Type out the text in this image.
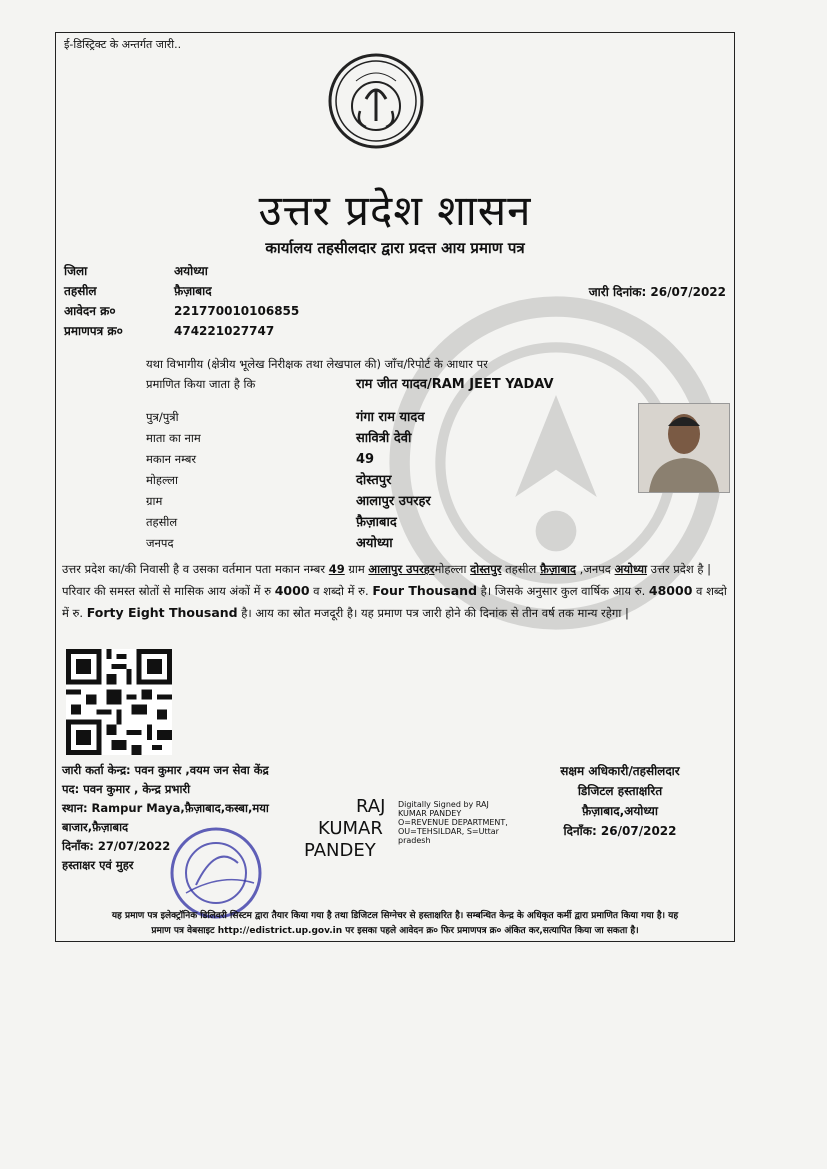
ई-डिस्ट्रिक्ट के अन्तर्गत जारी..
उत्तर प्रदेश शासन
कार्यालय तहसीलदार द्वारा प्रदत्त आय प्रमाण पत्र
जिला	अयोध्या
तहसील	फ़ैज़ाबाद
आवेदन क्र०	221770010106855
प्रमाणपत्र क्र०	474221027747
जारी दिनांक: 26/07/2022
यथा विभागीय (क्षेत्रीय भूलेख निरीक्षक तथा लेखपाल की) जाँच/रिपोर्ट के आधार पर
प्रमाणित किया जाता है कि	राम जीत यादव/RAM JEET YADAV
पुत्र/पुत्री	गंगा राम यादव
माता का नाम	सावित्री देवी
मकान नम्बर	49
मोहल्ला	दोस्तपुर
ग्राम	आलापुर उपरहर
तहसील	फ़ैज़ाबाद
जनपद	अयोध्या
उत्तर प्रदेश का/की निवासी है व उसका वर्तमान पता मकान नम्बर 49 ग्राम आलापुर उपरहरमोहल्ला दोस्तपुर तहसील फ़ैज़ाबाद ,जनपद अयोध्या उत्तर प्रदेश है | परिवार की समस्त स्रोतों से मासिक आय अंकों में रु 4000 व शब्दो में रु. Four Thousand है। जिसके अनुसार कुल वार्षिक आय रु. 48000 व शब्दो में रु. Forty Eight Thousand है। आय का स्रोत मजदूरी है। यह प्रमाण पत्र जारी होने की दिनांक से तीन वर्ष तक मान्य रहेगा |
जारी कर्ता केन्द्र: पवन कुमार ,वयम जन सेवा केंद्र
पद: पवन कुमार , केन्द्र प्रभारी
स्थान: Rampur Maya,फ़ैज़ाबाद,कस्बा,मया बाजार,फ़ैज़ाबाद
दिनाँक: 27/07/2022
हस्ताक्षर एवं मुहर
RAJ
KUMAR
PANDEY
Digitally Signed by RAJ KUMAR PANDEY O=REVENUE DEPARTMENT, OU=TEHSILDAR, S=Uttar pradesh
सक्षम अधिकारी/तहसीलदार
डिजिटल हस्ताक्षरित
फ़ैज़ाबाद,अयोध्या
दिनाँक: 26/07/2022
यह प्रमाण पत्र इलेक्ट्रॉनिक डिलिवरी सिस्टम द्वारा तैयार किया गया है तथा डिजिटल सिग्नेचर से हस्ताक्षरित है। सम्बन्धित केन्द्र के अधिकृत कर्मी द्वारा प्रमाणित किया गया है। यह
प्रमाण पत्र वेबसाइट http://edistrict.up.gov.in पर इसका पहले आवेदन क्र० फिर प्रमाणपत्र क्र० अंकित कर,सत्यापित किया जा सकता है।
